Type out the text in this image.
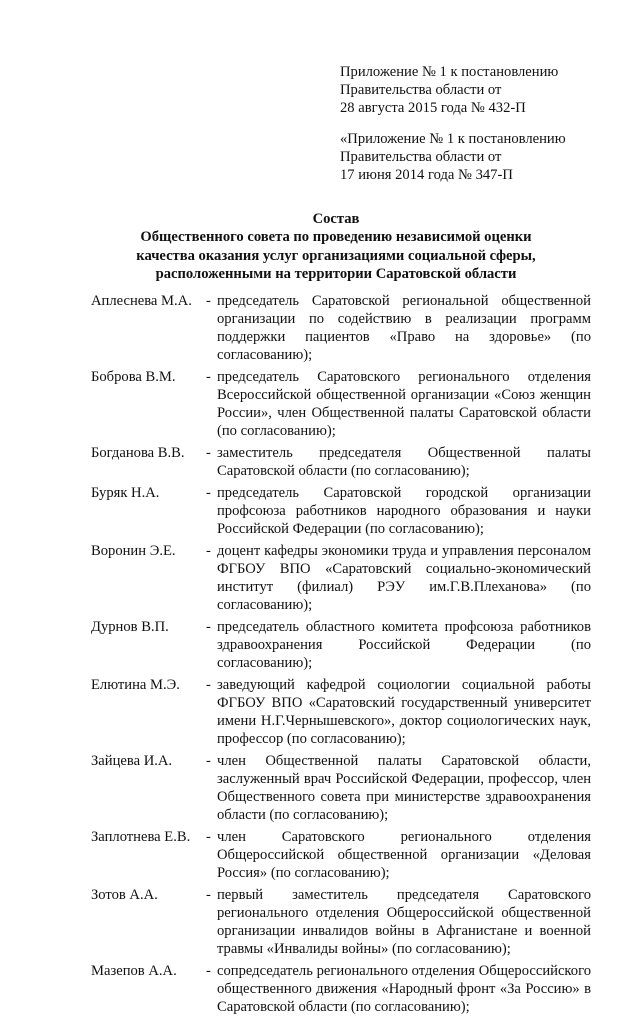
Приложение № 1 к постановлению
Правительства области от
28 августа 2015 года № 432-П
«Приложение № 1 к постановлению
Правительства области от
17 июня 2014 года № 347-П
Состав
Общественного совета по проведению независимой оценки
качества оказания услуг организациями социальной сферы,
расположенными на территории Саратовской области
Аплеснева М.А. - председатель Саратовской региональной общественной организации по содействию в реализации программ поддержки пациентов «Право на здоровье» (по согласованию);
Боброва В.М.	- председатель Саратовского регионального отделения Всероссийской общественной организации «Союз женщин России», член Общественной палаты Саратовской области (по согласованию);
Богданова В.В.	- заместитель председателя Общественной палаты Саратовской области (по согласованию);
Буряк Н.А.	- председатель Саратовской городской организации профсоюза работников народного образования и науки Российской Федерации (по согласованию);
Воронин Э.Е.	- доцент кафедры экономики труда и управления персоналом ФГБОУ ВПО «Саратовский социально-экономический институт (филиал) РЭУ им.Г.В.Плеханова» (по согласованию);
Дурнов В.П.	- председатель областного комитета профсоюза работников здравоохранения Российской Федерации (по согласованию);
Елютина М.Э.	- заведующий кафедрой социологии социальной работы ФГБОУ ВПО «Саратовский государственный университет имени Н.Г.Чернышевского», доктор социологических наук, профессор (по согласованию);
Зайцева И.А.	- член Общественной палаты Саратовской области, заслуженный врач Российской Федерации, профессор, член Общественного совета при министерстве здравоохранения области (по согласованию);
Заплотнева Е.В.	- член Саратовского регионального отделения Общероссийской общественной организации «Деловая Россия» (по согласованию);
Зотов А.А.	- первый заместитель председателя Саратовского регионального отделения Общероссийской общественной организации инвалидов войны в Афганистане и военной травмы «Инвалиды войны» (по согласованию);
Мазепов А.А.	- сопредседатель регионального отделения Общероссийского общественного движения «Народный фронт «За Россию» в Саратовской области (по согласованию);
